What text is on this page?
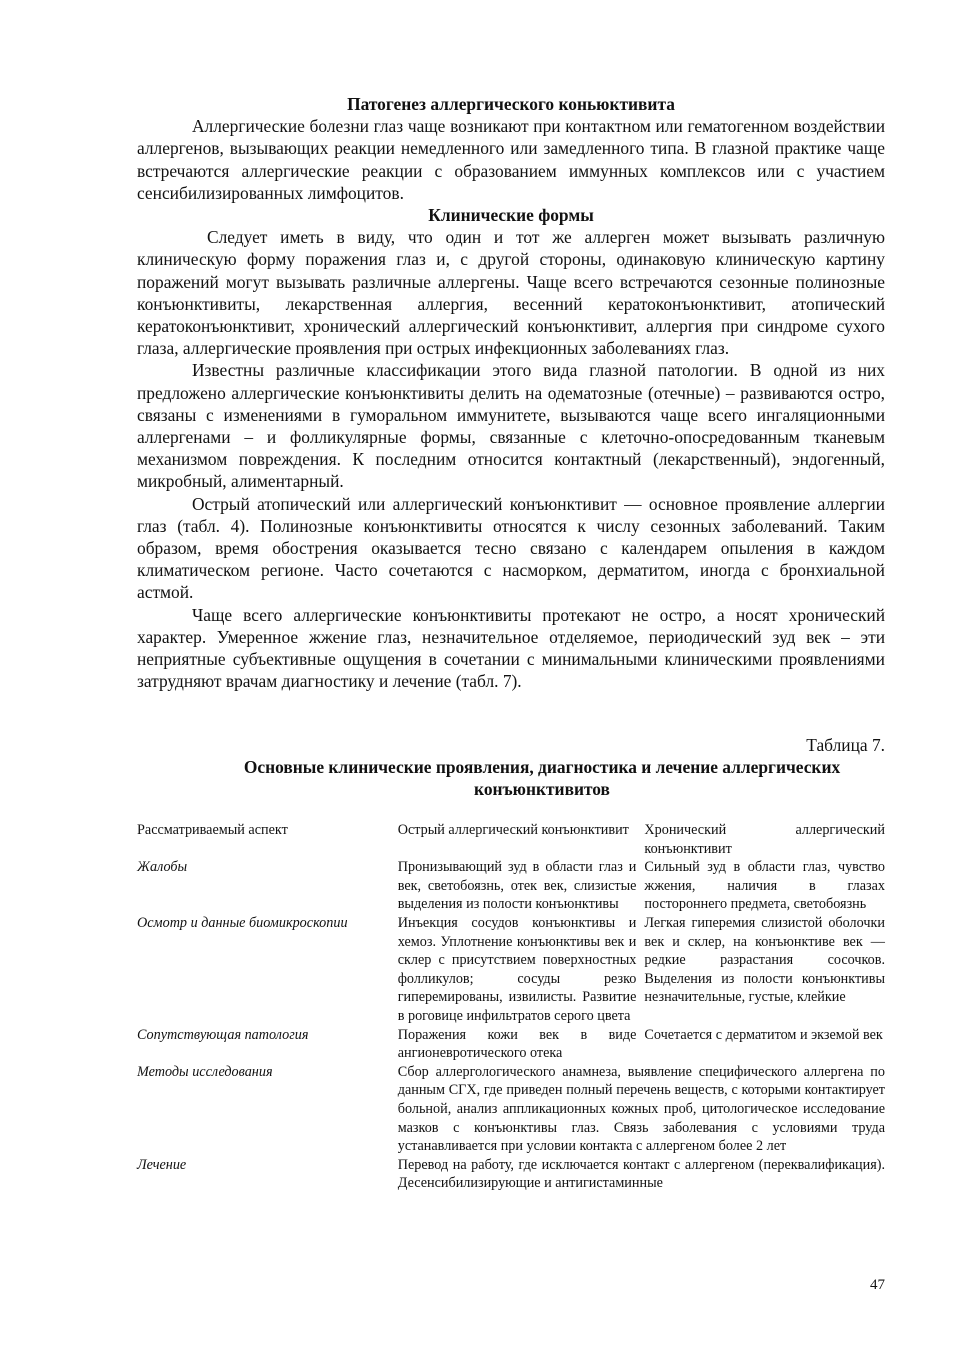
Патогенез аллергического коньюктивита

Аллергические болезни глаз чаще возникают при контактном или гематогенном воздействии аллергенов, вызывающих реакции немедленного или замедленного типа. В глазной практике чаще встречаются аллергические реакции с образованием иммунных комплексов или с участием сенсибилизированных лимфоцитов.

Клинические формы

Следует иметь в виду, что один и тот же аллерген может вызывать различную клиническую форму поражения глаз и, с другой стороны, одинаковую клиническую картину поражений могут вызывать различные аллергены. Чаще всего встречаются сезонные полинозные конъюнктивиты, лекарственная аллергия, весенний кератоконъюнктивит, атопический кератоконъюнктивит, хронический аллергический конъюнктивит, аллергия при синдроме сухого глаза, аллергические проявления при острых инфекционных заболеваниях глаз.

Известны различные классификации этого вида глазной патологии. В одной из них предложено аллергические конъюнктивиты делить на одематозные (отечные) – развиваются остро, связаны с изменениями в гуморальном иммунитете, вызываются чаще всего ингаляционными аллергенами – и фолликулярные формы, связанные с клеточно-опосредованным тканевым механизмом повреждения. К последним относится контактный (лекарственный), эндогенный, микробный, алиментарный.

Острый атопический или аллергический конъюнктивит — основное проявление аллергии глаз (табл. 4). Полинозные конъюнктивиты относятся к числу сезонных заболеваний. Таким образом, время обострения оказывается тесно связано с календарем опыления в каждом климатическом регионе. Часто сочетаются с насморком, дерматитом, иногда с бронхиальной астмой.

Чаще всего аллергические конъюнктивиты протекают не остро, а носят хронический характер. Умеренное жжение глаз, незначительное отделяемое, периодический зуд век – эти неприятные субъективные ощущения в сочетании с минимальными клиническими проявлениями затрудняют врачам диагностику и лечение (табл. 7).

Таблица 7.
Основные клинические проявления, диагностика и лечение аллергических конъюнктивитов
Рассматриваемый аспект	Острый аллергический конъюнктивит	Хронический аллергический конъюнктивит
Жалобы	Пронизывающий зуд в области глаз и век, светобоязнь, отек век, слизистые выделения из полости конъюнктивы	Сильный зуд в области глаз, чувство жжения, наличия в глазах постороннего предмета, светобоязнь
Осмотр и данные биомикроскопии	Инъекция сосудов конъюнктивы и хемоз. Уплотнение конъюнктивы век и склер с присутствием поверхностных фолликулов; сосуды резко гиперемированы, извилисты. Развитие в роговице инфильтратов серого цвета	Легкая гиперемия слизистой оболочки век и склер, на конъюнктиве век — редкие разрастания сосочков. Выделения из полости конъюнктивы незначительные, густые, клейкие
Сопутствующая патология	Поражения кожи век в виде ангионевротического отека	Сочетается с дерматитом и экземой век
Методы исследования	Сбор аллергологического анамнеза, выявление специфического аллергена по данным СГХ, где приведен полный перечень веществ, с которыми контактирует больной, анализ аппликационных кожных проб, цитологическое исследование мазков с конъюнктивы глаз. Связь заболевания с условиями труда устанавливается при условии контакта с аллергеном более 2 лет	
Лечение	Перевод на работу, где исключается контакт с аллергеном (переквалификация). Десенсибилизирующие и антигистаминные	
47
